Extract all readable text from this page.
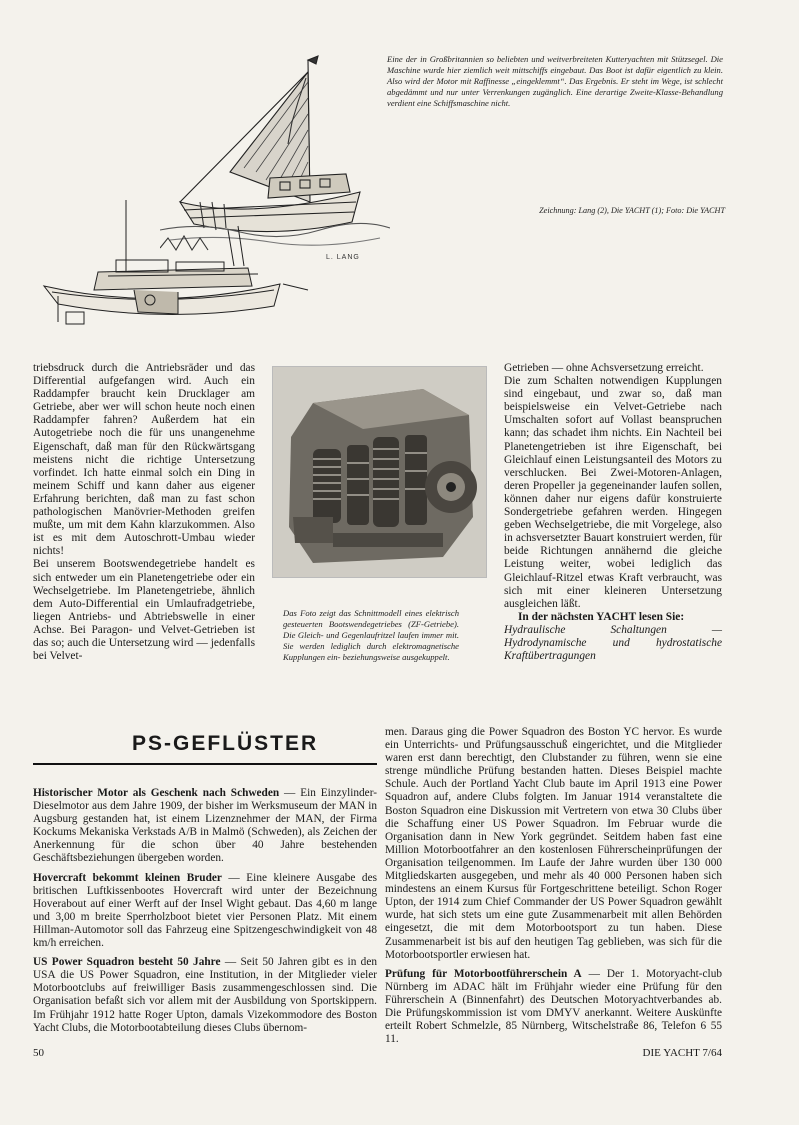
L. LANG
Eine der in Großbritannien so beliebten und weitverbreiteten Kutteryachten mit Stützsegel. Die Maschine wurde hier ziemlich weit mittschiffs eingebaut. Das Boot ist dafür eigentlich zu klein. Also wird der Motor mit Raffinesse „eingeklemmt“. Das Ergebnis. Er steht im Wege, ist schlecht abgedämmt und nur unter Verrenkungen zugänglich. Eine derartige Zweite-Klasse-Behandlung verdient eine Schiffsmaschine nicht.
Zeichnung: Lang (2), Die YACHT (1); Foto: Die YACHT

triebsdruck durch die Antriebsräder und das Differential aufgefangen wird. Auch ein Raddampfer braucht kein Drucklager am Getriebe, aber wer will schon heute noch einen Raddampfer fahren? Außerdem hat ein Autogetriebe noch die für uns unangenehme Eigenschaft, daß man für den Rückwärtsgang meistens nicht die richtige Untersetzung vorfindet. Ich hatte einmal solch ein Ding in meinem Schiff und kann daher aus eigener Erfahrung berichten, daß man zu fast schon pathologischen Manövrier-Methoden greifen mußte, um mit dem Kahn klarzukommen. Also ist es mit dem Autoschrott-Umbau wieder nichts!

Bei unserem Bootswendegetriebe handelt es sich entweder um ein Planetengetriebe oder ein Wechselgetriebe. Im Planetengetriebe, ähnlich dem Auto-Differential ein Umlaufradgetriebe, liegen Antriebs- und Abtriebswelle in einer Achse. Bei Paragon- und Velvet-Getrieben ist das so; auch die Untersetzung wird — jedenfalls bei Velvet-

Das Foto zeigt das Schnittmodell eines elektrisch gesteuerten Bootswendegetriebes (ZF-Getriebe). Die Gleich- und Gegenlaufritzel laufen immer mit. Sie werden lediglich durch elektromagnetische Kupplungen ein- beziehungsweise ausgekuppelt.

Getrieben — ohne Achsversetzung erreicht.

Die zum Schalten notwendigen Kupplungen sind eingebaut, und zwar so, daß man beispielsweise ein Velvet-Getriebe nach Umschalten sofort auf Vollast beanspruchen kann; das schadet ihm nichts. Ein Nachteil bei Planetengetrieben ist ihre Eigenschaft, bei Gleichlauf einen Leistungsanteil des Motors zu verschlucken. Bei Zwei-Motoren-Anlagen, deren Propeller ja gegeneinander laufen sollen, können daher nur eigens dafür konstruierte Sondergetriebe gefahren werden. Hingegen geben Wechselgetriebe, die mit Vorgelege, also in achsversetzter Bauart konstruiert werden, für beide Richtungen annähernd die gleiche Leistung weiter, wobei lediglich das Gleichlauf-Ritzel etwas Kraft verbraucht, was sich mit einer kleineren Untersetzung ausgleichen läßt.

In der nächsten YACHT lesen Sie:

Hydraulische Schaltungen — Hydrodynamische und hydrostatische Kraftübertragungen

PS-GEFLÜSTER

Historischer Motor als Geschenk nach Schweden — Ein Einzylinder-Dieselmotor aus dem Jahre 1909, der bisher im Werksmuseum der MAN in Augsburg gestanden hat, ist einem Lizenznehmer der MAN, der Firma Kockums Mekaniska Verkstads A/B in Malmö (Schweden), als Zeichen der Anerkennung für die schon über 40 Jahre bestehenden Geschäftsbeziehungen übergeben worden.

Hovercraft bekommt kleinen Bruder — Eine kleinere Ausgabe des britischen Luftkissenbootes Hovercraft wird unter der Bezeichnung Hoverabout auf einer Werft auf der Insel Wight gebaut. Das 4,60 m lange und 3,00 m breite Sperrholzboot bietet vier Personen Platz. Mit einem Hillman-Automotor soll das Fahrzeug eine Spitzengeschwindigkeit von 48 km/h erreichen.

US Power Squadron besteht 50 Jahre — Seit 50 Jahren gibt es in den USA die US Power Squadron, eine Institution, in der Mitglieder vieler Motorbootclubs auf freiwilliger Basis zusammengeschlossen sind. Die Organisation befaßt sich vor allem mit der Ausbildung von Sportskippern. Im Frühjahr 1912 hatte Roger Upton, damals Vizekommodore des Boston Yacht Clubs, die Motorbootabteilung dieses Clubs übernom-

men. Daraus ging die Power Squadron des Boston YC hervor. Es wurde ein Unterrichts- und Prüfungsausschuß eingerichtet, und die Mitglieder waren erst dann berechtigt, den Clubstander zu führen, wenn sie eine strenge mündliche Prüfung bestanden hatten. Dieses Beispiel machte Schule. Auch der Portland Yacht Club baute im April 1913 eine Power Squadron auf, andere Clubs folgten. Im Januar 1914 veranstaltete die Boston Squadron eine Diskussion mit Vertretern von etwa 30 Clubs über die Schaffung einer US Power Squadron. Im Februar wurde die Organisation dann in New York gegründet. Seitdem haben fast eine Million Motorbootfahrer an den kostenlosen Führerscheinprüfungen der Organisation teilgenommen. Im Laufe der Jahre wurden über 130 000 Mitgliedskarten ausgegeben, und mehr als 40 000 Personen haben sich mindestens an einem Kursus für Fortgeschrittene beteiligt. Schon Roger Upton, der 1914 zum Chief Commander der US Power Squadron gewählt wurde, hat sich stets um eine gute Zusammenarbeit mit allen Behörden eingesetzt, die mit dem Motorbootsport zu tun haben. Diese Zusammenarbeit ist bis auf den heutigen Tag geblieben, was sich für die Motorbootsportler erwiesen hat.

Prüfung für Motorbootführerschein A — Der 1. Motoryacht-club Nürnberg im ADAC hält im Frühjahr wieder eine Prüfung für den Führerschein A (Binnenfahrt) des Deutschen Motoryachtverbandes ab. Die Prüfungskommission ist vom DMYV anerkannt. Weitere Auskünfte erteilt Robert Schmelzle, 85 Nürnberg, Witschelstraße 86, Telefon 6 55 11.

50	DIE YACHT 7/64
